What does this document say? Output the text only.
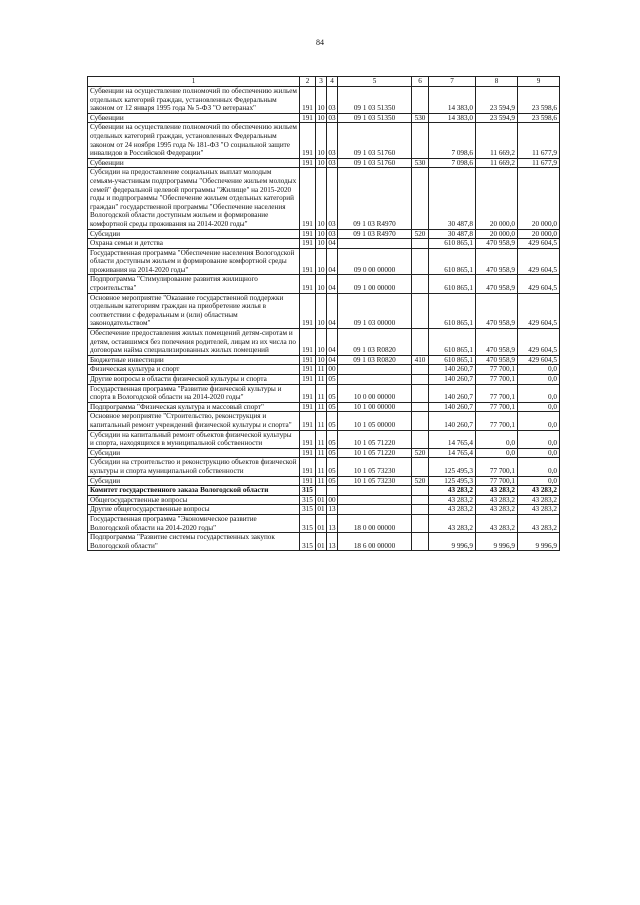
84
1	2	3	4	5	6	7	8	9
Субвенции на осуществление полномочий по обеспечению жильем отдельных категорий граждан, установленных Федеральным законом от 12 января 1995 года № 5-ФЗ "О ветеранах"	191	10	03	09 1 03 51350		14 383,0	23 594,9	23 598,6
Субвенции	191	10	03	09 1 03 51350	530	14 383,0	23 594,9	23 598,6
Субвенции на осуществление полномочий по обеспечению жильем отдельных категорий граждан, установленных Федеральным законом от 24 ноября 1995 года № 181-ФЗ "О социальной защите инвалидов в Российской Федерации"	191	10	03	09 1 03 51760		7 098,6	11 669,2	11 677,9
Субвенции	191	10	03	09 1 03 51760	530	7 098,6	11 669,2	11 677,9
Субсидии на предоставление социальных выплат молодым семьям-участникам подпрограммы "Обеспечение жильем молодых семей" федеральной целевой программы "Жилище" на 2015-2020 годы и подпрограммы "Обеспечение жильем отдельных категорий граждан" государственной программы "Обеспечение населения Вологодской области доступным жильем и формирование комфортной среды проживания на 2014-2020 годы"	191	10	03	09 1 03 R4970		30 487,8	20 000,0	20 000,0
Субсидии	191	10	03	09 1 03 R4970	520	30 487,8	20 000,0	20 000,0
Охрана семьи и детства	191	10	04			610 865,1	470 958,9	429 604,5
Государственная программа "Обеспечение населения Вологодской области доступным жильем и формирование комфортной среды проживания на 2014-2020 годы"	191	10	04	09 0 00 00000		610 865,1	470 958,9	429 604,5
Подпрограмма "Стимулирование развития жилищного строительства"	191	10	04	09 1 00 00000		610 865,1	470 958,9	429 604,5
Основное мероприятие "Оказание государственной поддержки отдельным категориям граждан на приобретение жилья в соответствии с федеральным и (или) областным законодательством"	191	10	04	09 1 03 00000		610 865,1	470 958,9	429 604,5
Обеспечение предоставления жилых помещений детям-сиротам и детям, оставшимся без попечения родителей, лицам из их числа по договорам найма специализированных жилых помещений	191	10	04	09 1 03 R0820		610 865,1	470 958,9	429 604,5
Бюджетные инвестиции	191	10	04	09 1 03 R0820	410	610 865,1	470 958,9	429 604,5
Физическая культура и спорт	191	11	00			140 260,7	77 700,1	0,0
Другие вопросы в области физической культуры и спорта	191	11	05			140 260,7	77 700,1	0,0
Государственная программа "Развитие физической культуры и спорта в Вологодской области на 2014-2020 годы"	191	11	05	10 0 00 00000		140 260,7	77 700,1	0,0
Подпрограмма "Физическая культура и массовый спорт"	191	11	05	10 1 00 00000		140 260,7	77 700,1	0,0
Основное мероприятие "Строительство, реконструкция и капитальный ремонт учреждений физической культуры и спорта"	191	11	05	10 1 05 00000		140 260,7	77 700,1	0,0
Субсидии на капитальный ремонт объектов физической культуры и спорта, находящихся в муниципальной собственности	191	11	05	10 1 05 71220		14 765,4	0,0	0,0
Субсидии	191	11	05	10 1 05 71220	520	14 765,4	0,0	0,0
Субсидии на строительство и реконструкцию объектов физической культуры и спорта муниципальной собственности	191	11	05	10 1 05 73230		125 495,3	77 700,1	0,0
Субсидии	191	11	05	10 1 05 73230	520	125 495,3	77 700,1	0,0
Комитет государственного заказа Вологодской области	315					43 283,2	43 283,2	43 283,2
Общегосударственные вопросы	315	01	00			43 283,2	43 283,2	43 283,2
Другие общегосударственные вопросы	315	01	13			43 283,2	43 283,2	43 283,2
Государственная программа "Экономическое развитие Вологодской области на 2014-2020 годы"	315	01	13	18 0 00 00000		43 283,2	43 283,2	43 283,2
Подпрограмма "Развитие системы государственных закупок Вологодской области"	315	01	13	18 6 00 00000		9 996,9	9 996,9	9 996,9
